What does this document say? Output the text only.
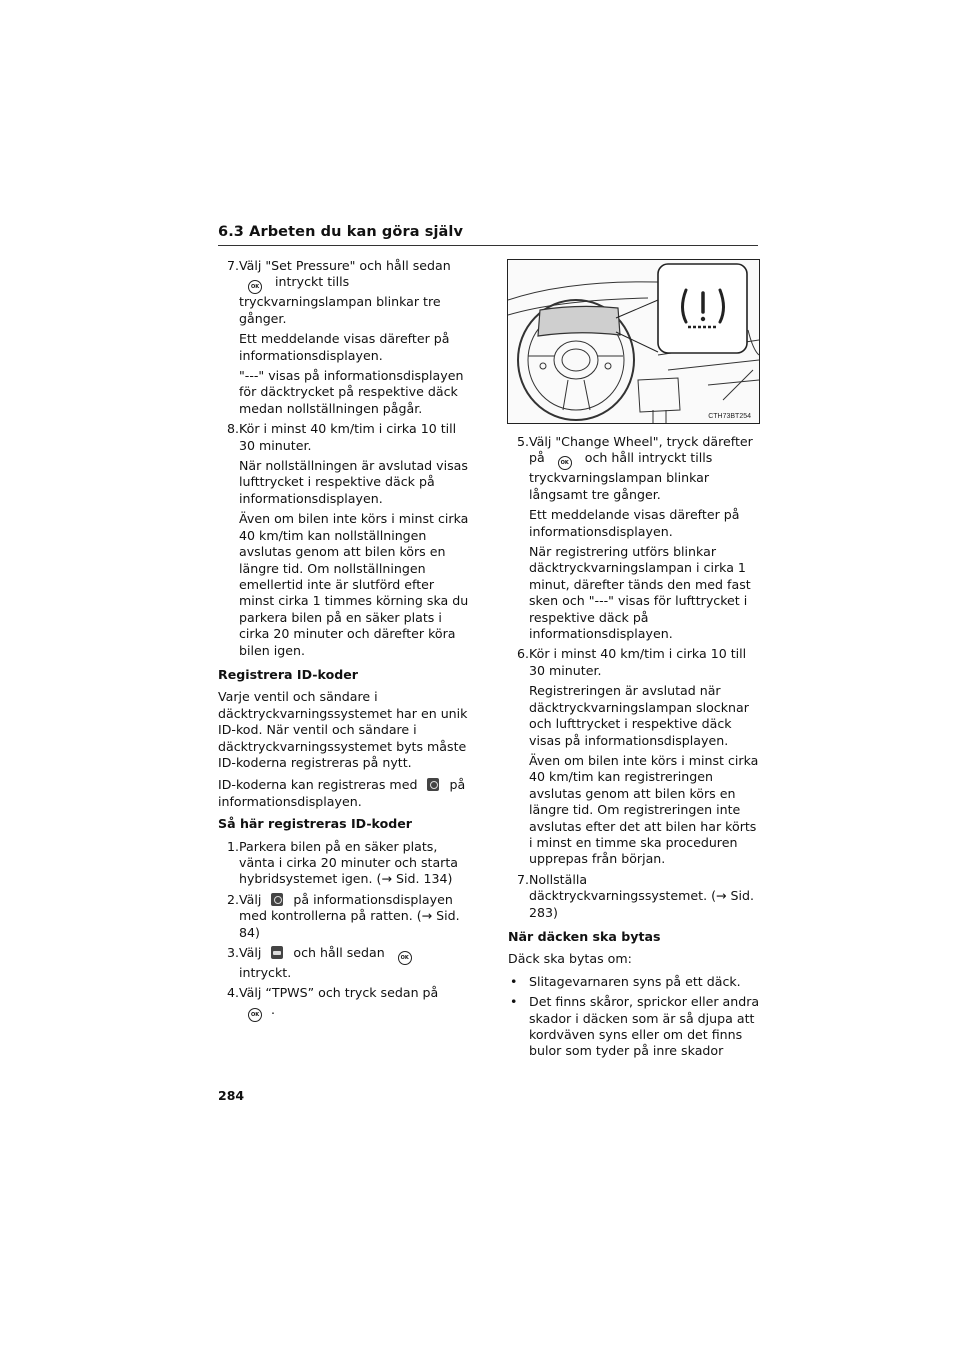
6.3 Arbeten du kan göra själv
7. Välj "Set Pressure" och håll sedan OK intryckt tills tryckvarningslampan blinkar tre gånger.
Ett meddelande visas därefter på informationsdisplayen.
"---" visas på informationsdisplayen för däcktrycket på respektive däck medan nollställningen pågår.
8. Kör i minst 40 km/tim i cirka 10 till 30 minuter.
När nollställningen är avslutad visas lufttrycket i respektive däck på informationsdisplayen.
Även om bilen inte körs i minst cirka 40 km/tim kan nollställningen avslutas genom att bilen körs en längre tid. Om nollställningen emellertid inte är slutförd efter minst cirka 1 timmes körning ska du parkera bilen på en säker plats i cirka 20 minuter och därefter köra bilen igen.
Registrera ID-koder
Varje ventil och sändare i däcktryckvarningssystemet har en unik ID-kod. När ventil och sändare i däcktryckvarningssystemet byts måste ID-koderna registreras på nytt.
ID-koderna kan registreras med	på informationsdisplayen.
Så här registreras ID-koder
1. Parkera bilen på en säker plats, vänta i cirka 20 minuter och starta hybridsystemet igen. (→ Sid. 134)
2. Välj	på informationsdisplayen med kontrollerna på ratten. (→ Sid. 84)
3. Välj	och håll sedan	OK intryckt.
4. Välj “TPWS” och tryck sedan på OK .
CTH73BT254
5. Välj "Change Wheel", tryck därefter på	OK och håll intryckt tills tryckvarningslampan blinkar långsamt tre gånger.
Ett meddelande visas därefter på informationsdisplayen.
När registrering utförs blinkar däcktryckvarningslampan i cirka 1 minut, därefter tänds den med fast sken och "---" visas för lufttrycket i respektive däck på informationsdisplayen.
6. Kör i minst 40 km/tim i cirka 10 till 30 minuter.
Registreringen är avslutad när däcktryckvarningslampan slocknar och lufttrycket i respektive däck visas på informationsdisplayen.
Även om bilen inte körs i minst cirka 40 km/tim kan registreringen avslutas genom att bilen körs en längre tid. Om registreringen inte avslutas efter det att bilen har körts i minst en timme ska proceduren upprepas från början.
7. Nollställa däcktryckvarningssystemet. (→ Sid. 283)
När däcken ska bytas
Däck ska bytas om:
• Slitagevarnaren syns på ett däck.
• Det finns skåror, sprickor eller andra skador i däcken som är så djupa att kordväven syns eller om det finns bulor som tyder på inre skador
284
